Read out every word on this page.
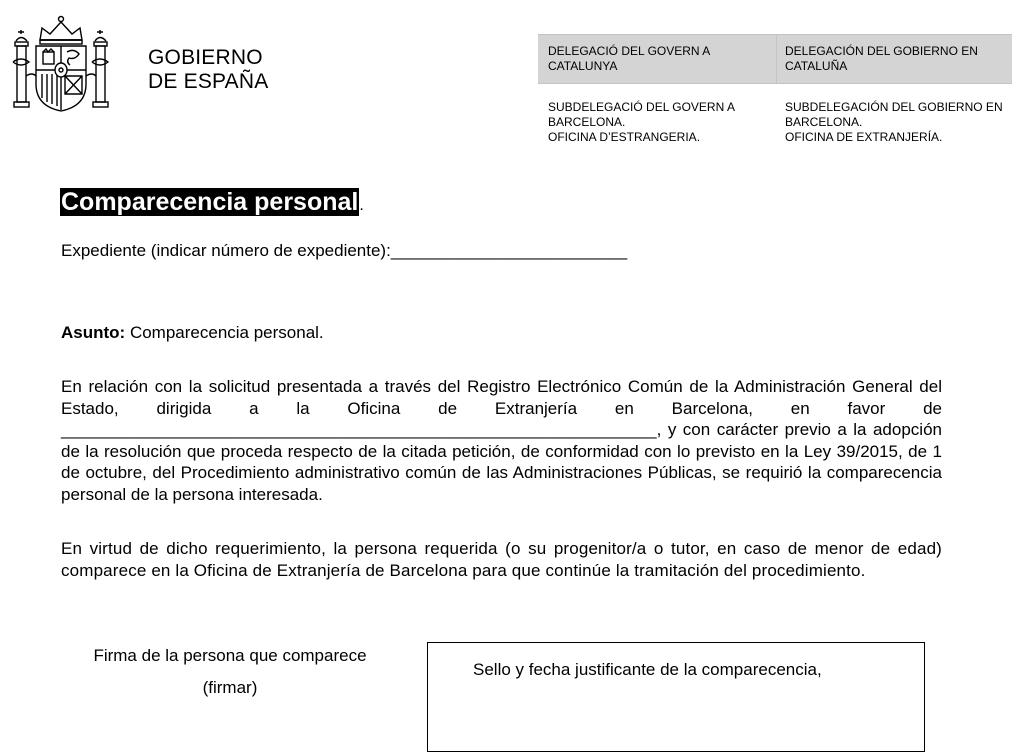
GOBIERNO
DE ESPAÑA
DELEGACIÓ DEL GOVERN A CATALUNYA
DELEGACIÓN DEL GOBIERNO EN CATALUÑA
SUBDELEGACIÓ DEL GOVERN A BARCELONA.
OFICINA D’ESTRANGERIA.
SUBDELEGACIÓN DEL GOBIERNO EN BARCELONA.
OFICINA DE EXTRANJERÍA.
Comparecencia personal.
Expediente (indicar número de expediente):_________________________
Asunto: Comparecencia personal.
En relación con la solicitud presentada a través del Registro Electrónico Común de la Administración General del Estado, dirigida a la Oficina de Extranjería en Barcelona, en favor de _______________________________________________________________, y con carácter previo a la adopción de la resolución que proceda respecto de la citada petición, de conformidad con lo previsto en la Ley 39/2015, de 1 de octubre, del Procedimiento administrativo común de las Administraciones Públicas, se requirió la comparecencia personal de la persona interesada.
En virtud de dicho requerimiento, la persona requerida (o su progenitor/a o tutor, en caso de menor de edad) comparece en la Oficina de Extranjería de Barcelona para que continúe la tramitación del procedimiento.
Firma de la persona que comparece
(firmar)
Sello y fecha justificante de la comparecencia,
